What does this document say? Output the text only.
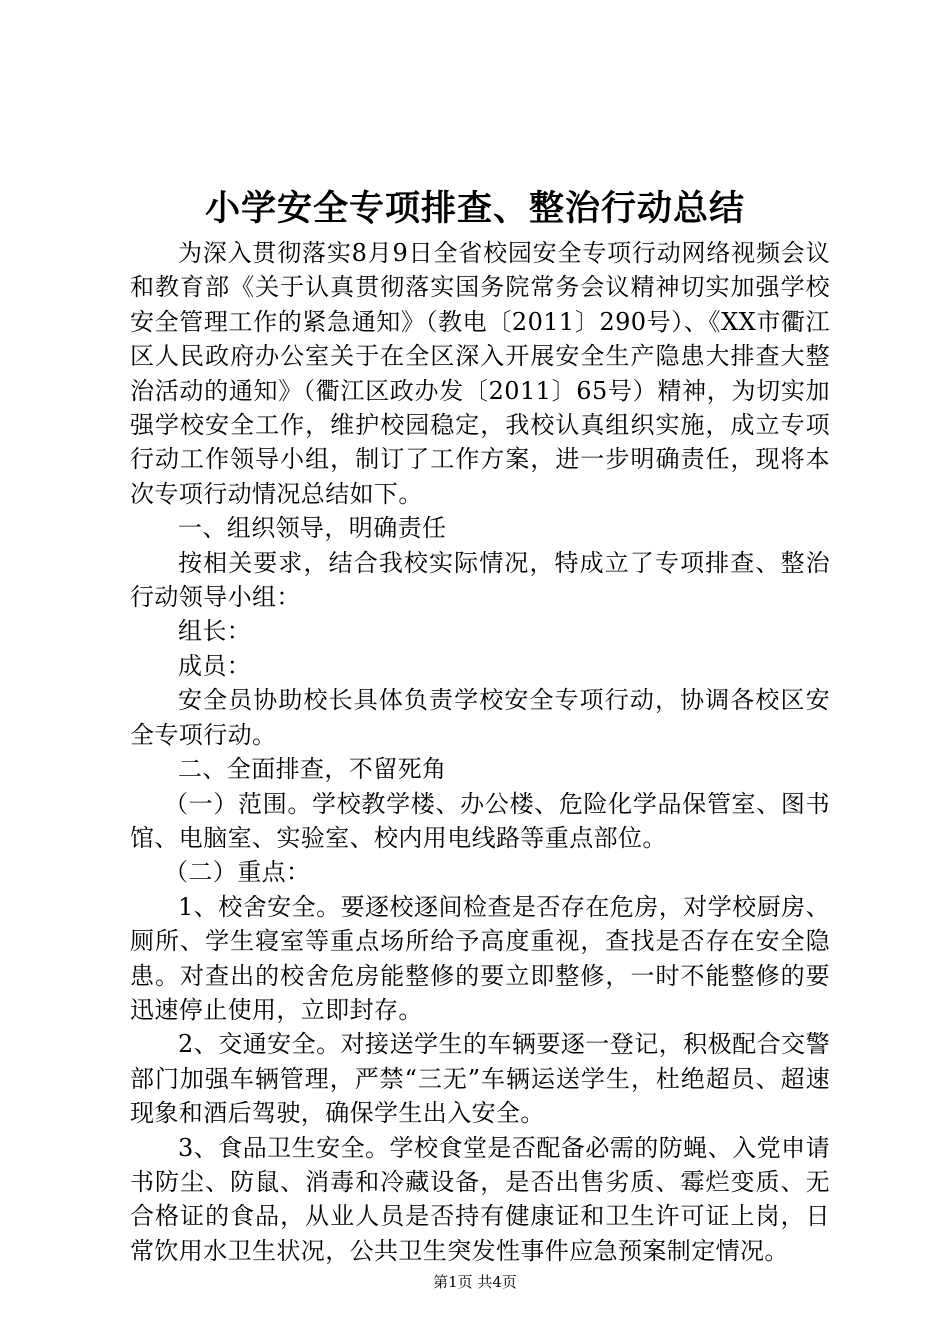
小学安全专项排查、整治行动总结

为深入贯彻落实8月9日全省校园安全专项行动网络视频会议和教育部《关于认真贯彻落实国务院常务会议精神切实加强学校安全管理工作的紧急通知》（教电〔2011〕290号）、《XX市衢江区人民政府办公室关于在全区深入开展安全生产隐患大排查大整治活动的通知》（衢江区政办发〔2011〕65号）精神，为切实加强学校安全工作，维护校园稳定，我校认真组织实施，成立专项行动工作领导小组，制订了工作方案，进一步明确责任，现将本次专项行动情况总结如下。

一、组织领导，明确责任

按相关要求，结合我校实际情况，特成立了专项排查、整治行动领导小组：

组长：

成员：

安全员协助校长具体负责学校安全专项行动，协调各校区安全专项行动。

二、全面排查，不留死角

（一）范围。学校教学楼、办公楼、危险化学品保管室、图书馆、电脑室、实验室、校内用电线路等重点部位。

（二）重点：

1、校舍安全。要逐校逐间检查是否存在危房，对学校厨房、厕所、学生寝室等重点场所给予高度重视，查找是否存在安全隐患。对查出的校舍危房能整修的要立即整修，一时不能整修的要迅速停止使用，立即封存。

2、交通安全。对接送学生的车辆要逐一登记，积极配合交警部门加强车辆管理，严禁“三无”车辆运送学生，杜绝超员、超速现象和酒后驾驶，确保学生出入安全。

3、食品卫生安全。学校食堂是否配备必需的防蝇、入党申请书防尘、防鼠、消毒和冷藏设备，是否出售劣质、霉烂变质、无合格证的食品，从业人员是否持有健康证和卫生许可证上岗，日常饮用水卫生状况，公共卫生突发性事件应急预案制定情况。

第1页 共4页
